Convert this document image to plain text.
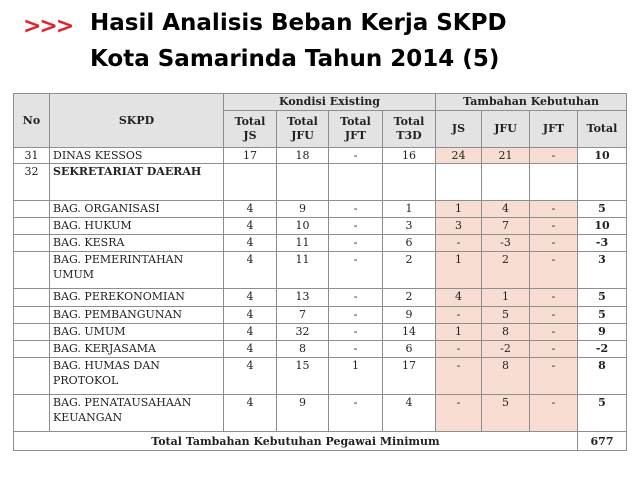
>>> Hasil Analisis Beban Kerja SKPD
Kota Samarinda Tahun 2014 (5)
No	SKPD	Kondisi Existing				Tambahan Kebutuhan			
		Total JS	Total JFU	Total JFT	Total T3D	JS	JFU	JFT	Total
31	DINAS KESSOS	17	18	-	16	24	21	-	10
32	SEKRETARIAT DAERAH								
	BAG. ORGANISASI	4	9	-	1	1	4	-	5
	BAG. HUKUM	4	10	-	3	3	7	-	10
	BAG. KESRA	4	11	-	6	-	-3	-	-3
	BAG. PEMERINTAHAN UMUM	4	11	-	2	1	2	-	3
	BAG. PEREKONOMIAN	4	13	-	2	4	1	-	5
	BAG. PEMBANGUNAN	4	7	-	9	-	5	-	5
	BAG. UMUM	4	32	-	14	1	8	-	9
	BAG. KERJASAMA	4	8	-	6	-	-2	-	-2
	BAG. HUMAS DAN PROTOKOL	4	15	1	17	-	8	-	8
	BAG. PENATAUSAHAAN KEUANGAN	4	9	-	4	-	5	-	5
Total Tambahan Kebutuhan Pegawai Minimum									677
